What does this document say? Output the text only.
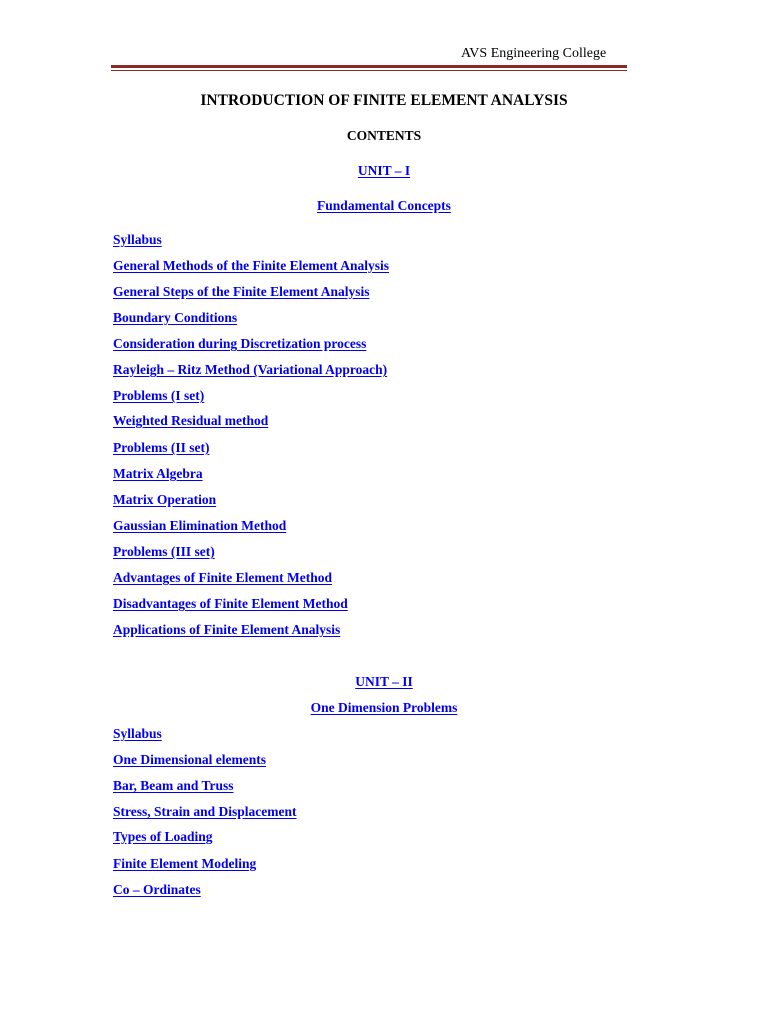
AVS Engineering College
INTRODUCTION OF FINITE ELEMENT ANALYSIS
CONTENTS
UNIT – I
Fundamental Concepts
Syllabus
General Methods of the Finite Element Analysis
General Steps of the Finite Element Analysis
Boundary Conditions
Consideration during Discretization process
Rayleigh – Ritz Method (Variational Approach)
Problems (I set)
Weighted Residual method
Problems (II set)
Matrix Algebra
Matrix Operation
Gaussian Elimination Method
Problems (III set)
Advantages of Finite Element Method
Disadvantages of Finite Element Method
Applications of Finite Element Analysis
UNIT – II
One Dimension Problems
Syllabus
One Dimensional elements
Bar, Beam and Truss
Stress, Strain and Displacement
Types of Loading
Finite Element Modeling
Co – Ordinates
